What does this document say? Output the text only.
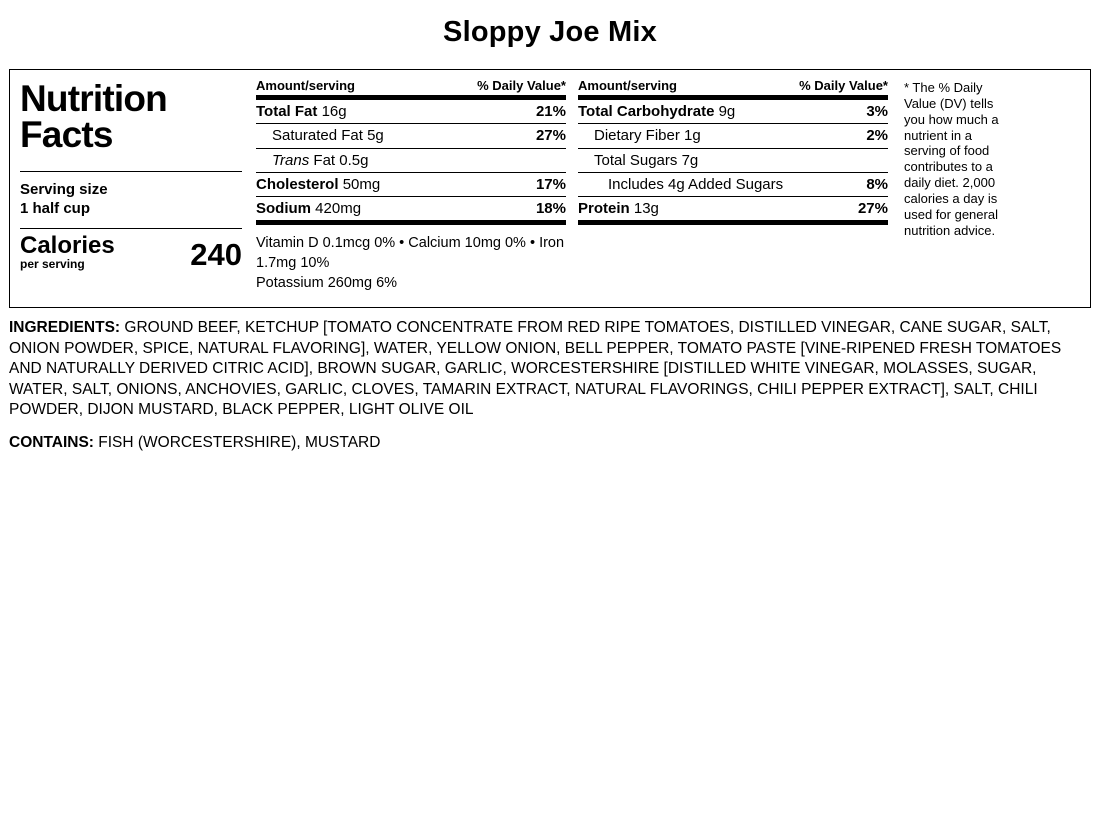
Sloppy Joe Mix
Nutrition
Facts
Serving size
1 half cup
Calories
per serving	240
Amount/serving	% Daily Value*
Total Fat 16g	21%
Saturated Fat 5g	27%
Trans Fat 0.5g
Cholesterol 50mg	17%
Sodium 420mg	18%
Vitamin D 0.1mcg 0% • Calcium 10mg 0% • Iron 1.7mg 10%
Potassium 260mg 6%
Amount/serving	% Daily Value*
Total Carbohydrate 9g	3%
Dietary Fiber 1g	2%
Total Sugars 7g
Includes 4g Added Sugars	8%
Protein 13g	27%
* The % Daily Value (DV) tells you how much a nutrient in a serving of food contributes to a daily diet. 2,000 calories a day is used for general nutrition advice.

INGREDIENTS: GROUND BEEF, KETCHUP [TOMATO CONCENTRATE FROM RED RIPE TOMATOES, DISTILLED VINEGAR, CANE SUGAR, SALT, ONION POWDER, SPICE, NATURAL FLAVORING], WATER, YELLOW ONION, BELL PEPPER, TOMATO PASTE [VINE-RIPENED FRESH TOMATOES AND NATURALLY DERIVED CITRIC ACID], BROWN SUGAR, GARLIC, WORCESTERSHIRE [DISTILLED WHITE VINEGAR, MOLASSES, SUGAR, WATER, SALT, ONIONS, ANCHOVIES, GARLIC, CLOVES, TAMARIN EXTRACT, NATURAL FLAVORINGS, CHILI PEPPER EXTRACT], SALT, CHILI POWDER, DIJON MUSTARD, BLACK PEPPER, LIGHT OLIVE OIL

CONTAINS: FISH (WORCESTERSHIRE), MUSTARD
